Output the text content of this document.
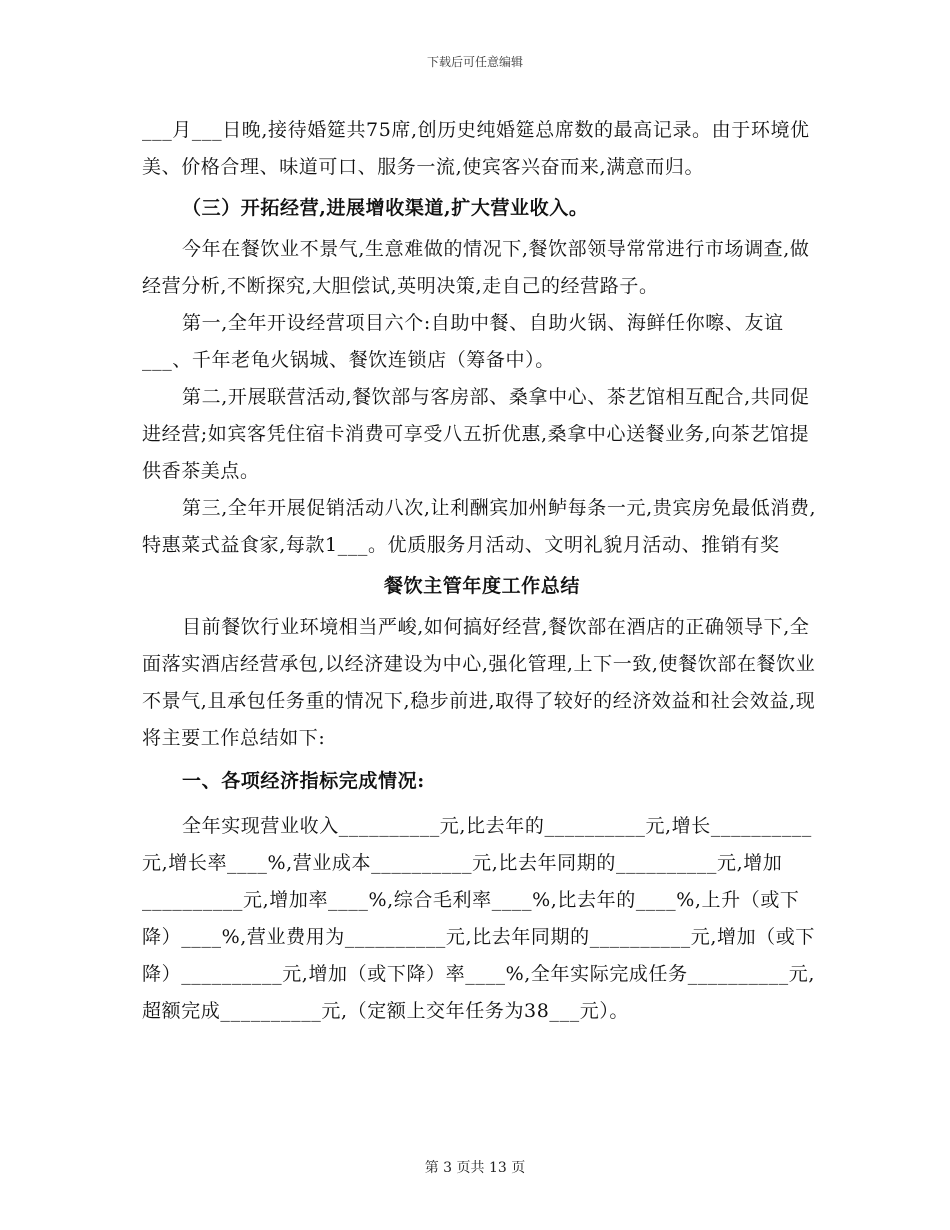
下载后可任意编辑

___月___日晚,接待婚筵共75席,创历史纯婚筵总席数的最高记录。由于环境优美、价格合理、味道可口、服务一流,使宾客兴奋而来,满意而归。

（三）开拓经营,进展增收渠道,扩大营业收入。

今年在餐饮业不景气,生意难做的情况下,餐饮部领导常常进行市场调查,做经营分析,不断探究,大胆偿试,英明决策,走自己的经营路子。

第一,全年开设经营项目六个:自助中餐、自助火锅、海鲜任你嚓、友谊___、千年老龟火锅城、餐饮连锁店（筹备中）。

第二,开展联营活动,餐饮部与客房部、桑拿中心、茶艺馆相互配合,共同促进经营;如宾客凭住宿卡消费可享受八五折优惠,桑拿中心送餐业务,向茶艺馆提供香茶美点。

第三,全年开展促销活动八次,让利酬宾加州鲈每条一元,贵宾房免最低消费,特惠菜式益食家,每款1___。优质服务月活动、文明礼貌月活动、推销有奖

餐饮主管年度工作总结

目前餐饮行业环境相当严峻,如何搞好经营,餐饮部在酒店的正确领导下,全面落实酒店经营承包,以经济建设为中心,强化管理,上下一致,使餐饮部在餐饮业不景气,且承包任务重的情况下,稳步前进,取得了较好的经济效益和社会效益,现将主要工作总结如下:

一、各项经济指标完成情况:

全年实现营业收入__________元,比去年的__________元,增长__________元,增长率____%,营业成本__________元,比去年同期的__________元,增加__________元,增加率____%,综合毛利率____%,比去年的____%,上升（或下降）____%,营业费用为__________元,比去年同期的__________元,增加（或下降）__________元,增加（或下降）率____%,全年实际完成任务__________元,超额完成__________元,（定额上交年任务为38___元）。

第 3 页共 13 页
